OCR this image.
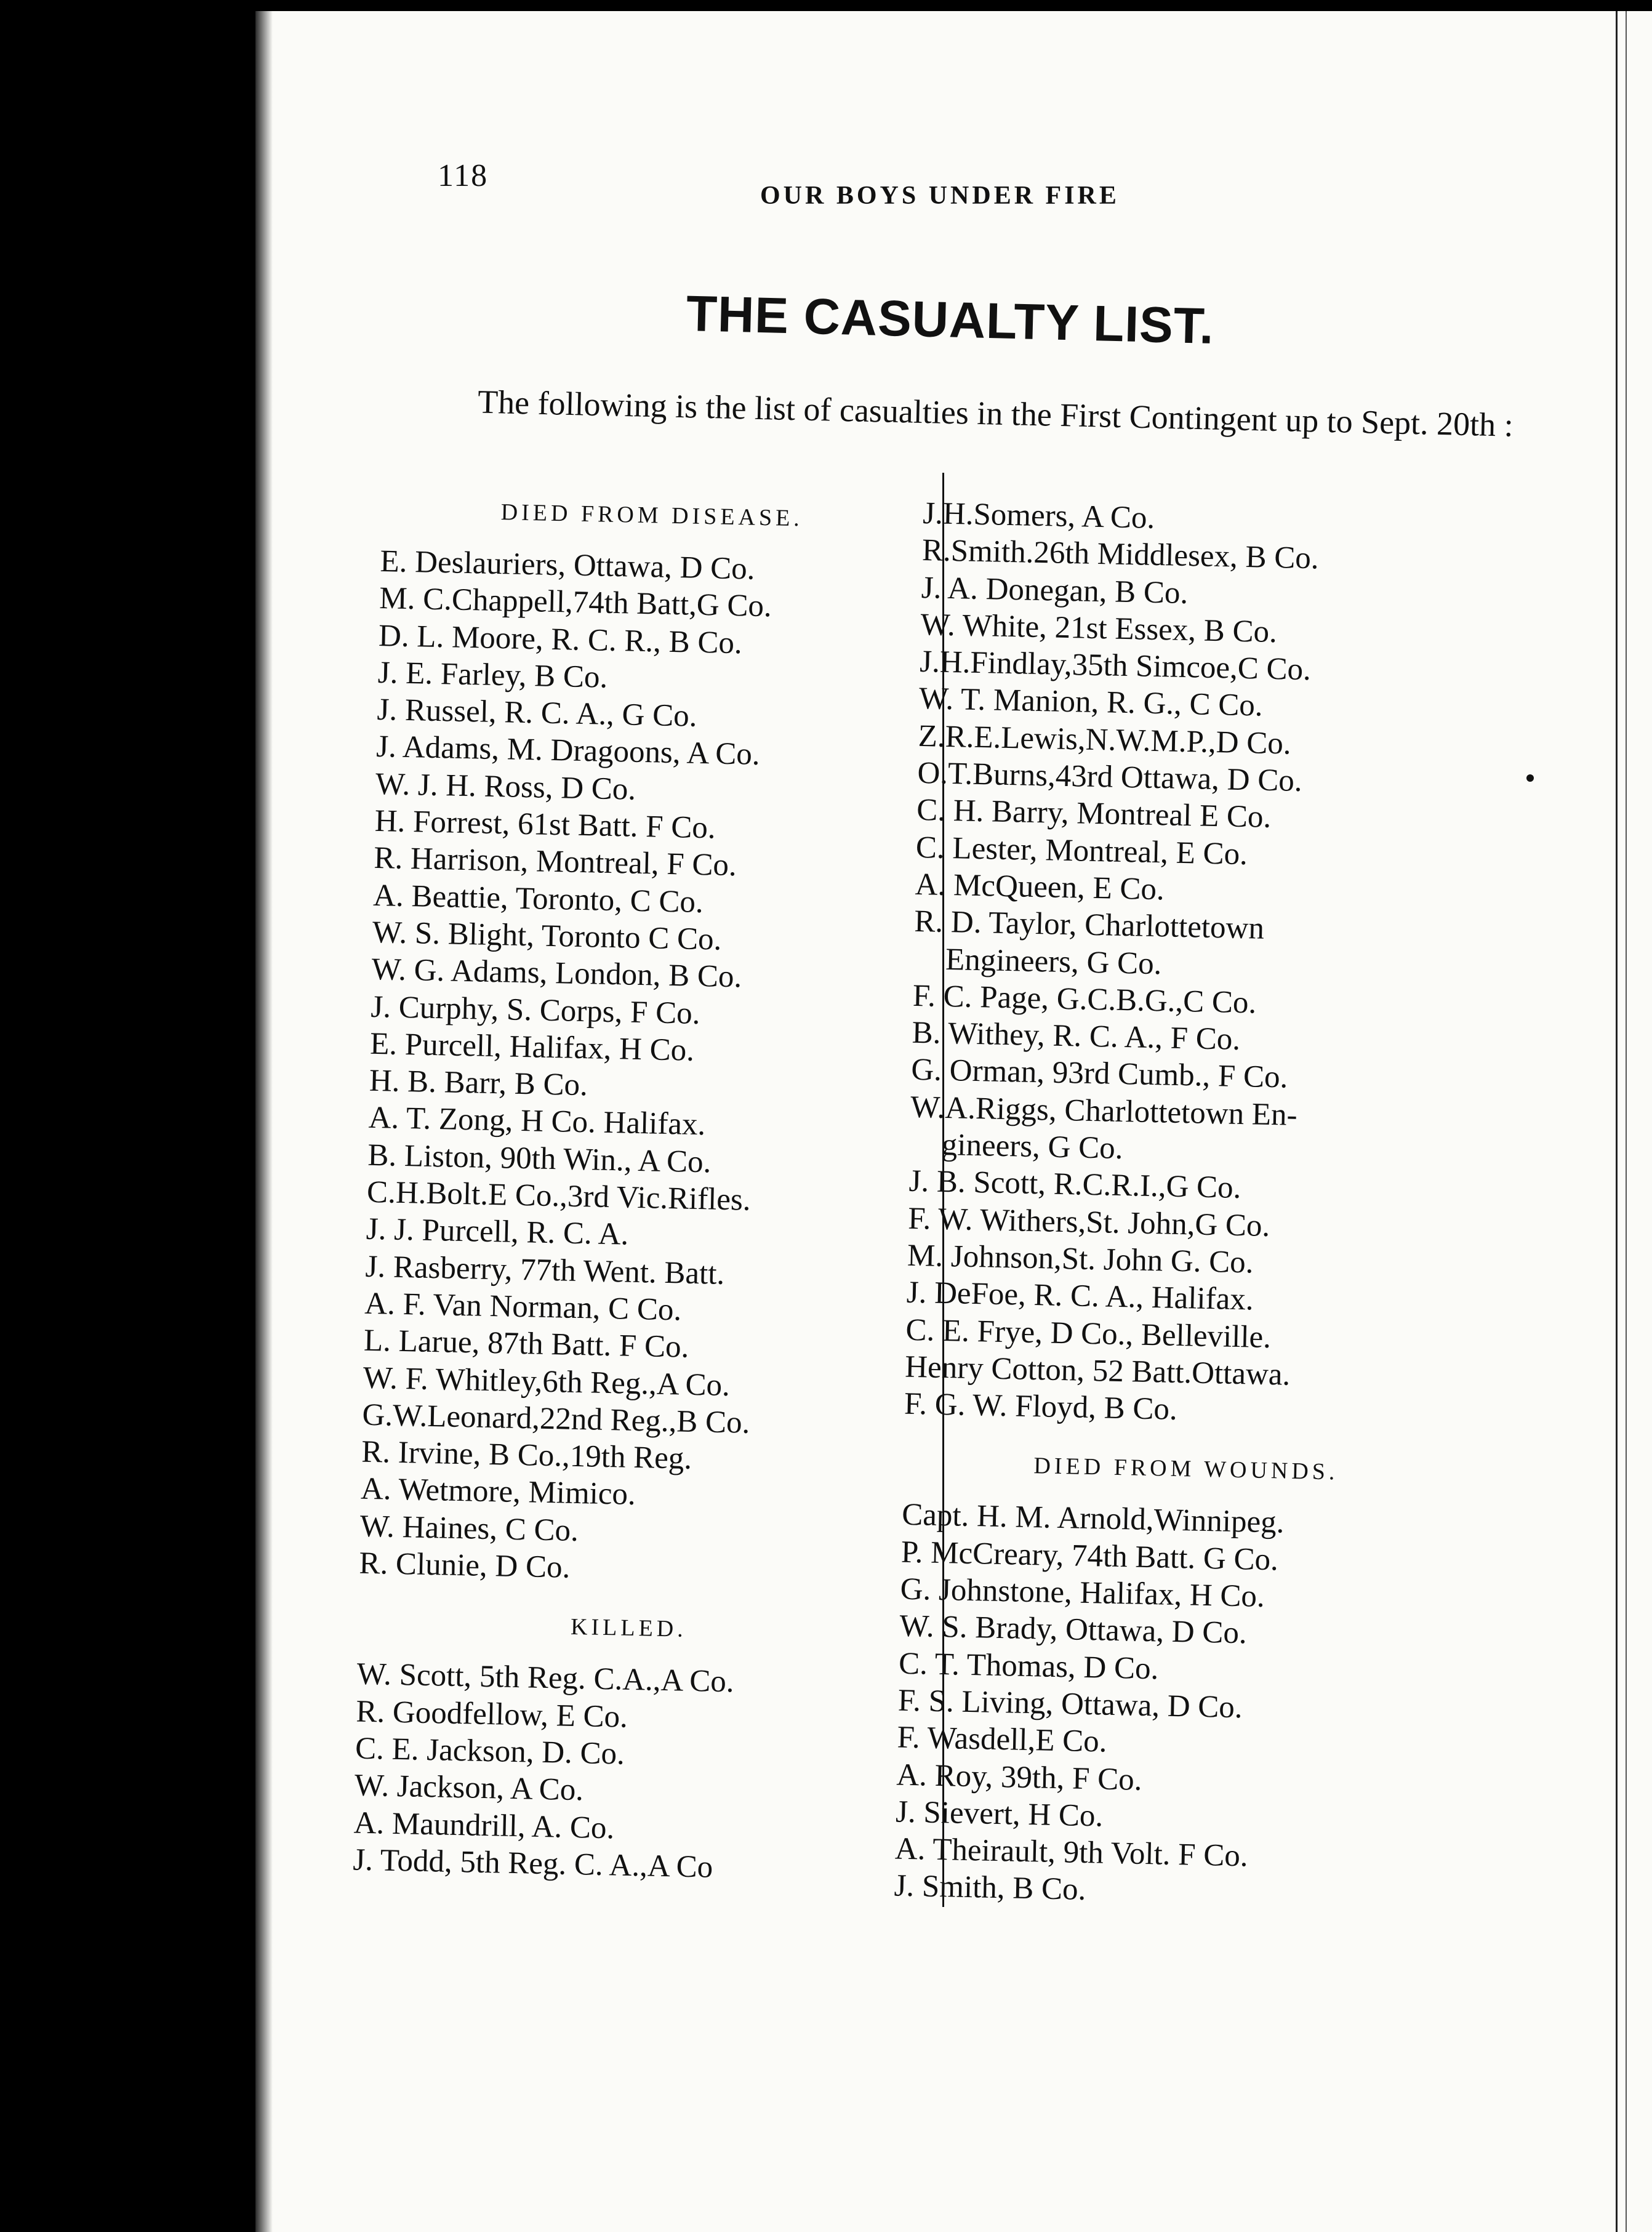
118
OUR BOYS UNDER FIRE
THE CASUALTY LIST.
The following is the list of casualties in the First Contingent up to Sept. 20th :
DIED FROM DISEASE.
E. Deslauriers, Ottawa, D Co.
M. C.Chappell,74th Batt,G Co.
D. L. Moore, R. C. R., B Co.
J. E. Farley, B Co.
J. Russel, R. C. A., G Co.
J. Adams, M. Dragoons, A Co.
W. J. H. Ross, D Co.
H. Forrest, 61st Batt. F Co.
R. Harrison, Montreal, F Co.
A. Beattie, Toronto, C Co.
W. S. Blight, Toronto C Co.
W. G. Adams, London, B Co.
J. Curphy, S. Corps, F Co.
E. Purcell, Halifax, H Co.
H. B. Barr, B Co.
A. T. Zong, H Co. Halifax.
B. Liston, 90th Win., A Co.
C.H.Bolt.E Co.,3rd Vic.Rifles.
J. J. Purcell, R. C. A.
J. Rasberry, 77th Went. Batt.
A. F. Van Norman, C Co.
L. Larue, 87th Batt. F Co.
W. F. Whitley,6th Reg.,A Co.
G.W.Leonard,22nd Reg.,B Co.
R. Irvine, B Co.,19th Reg.
A. Wetmore, Mimico.
W. Haines, C Co.
R. Clunie, D Co.
KILLED.
W. Scott, 5th Reg. C.A.,A Co.
R. Goodfellow, E Co.
C. E. Jackson, D. Co.
W. Jackson, A Co.
A. Maundrill, A. Co.
J. Todd, 5th Reg. C. A.,A Co
J.H.Somers, A Co.
R.Smith.26th Middlesex, B Co.
J. A. Donegan, B Co.
W. White, 21st Essex, B Co.
J.H.Findlay,35th Simcoe,C Co.
W. T. Manion, R. G., C Co.
Z.R.E.Lewis,N.W.M.P.,D Co.
O.T.Burns,43rd Ottawa, D Co.
C. H. Barry, Montreal E Co.
C. Lester, Montreal, E Co.
A. McQueen, E Co.
R. D. Taylor, Charlottetown
Engineers, G Co.
F. C. Page, G.C.B.G.,C Co.
B. Withey, R. C. A., F Co.
G. Orman, 93rd Cumb., F Co.
W.A.Riggs, Charlottetown En-
gineers, G Co.
J. B. Scott, R.C.R.I.,G Co.
F. W. Withers,St. John,G Co.
M. Johnson,St. John G. Co.
J. DeFoe, R. C. A., Halifax.
C. E. Frye, D Co., Belleville.
Henry Cotton, 52 Batt.Ottawa.
F. G. W. Floyd, B Co.
DIED FROM WOUNDS.
Capt. H. M. Arnold,Winnipeg.
P. McCreary, 74th Batt. G Co.
G. Johnstone, Halifax, H Co.
W. S. Brady, Ottawa, D Co.
C. T. Thomas, D Co.
F. S. Living, Ottawa, D Co.
F. Wasdell,E Co.
A. Roy, 39th, F Co.
J. Sievert, H Co.
A. Theirault, 9th Volt. F Co.
J. Smith, B Co.
